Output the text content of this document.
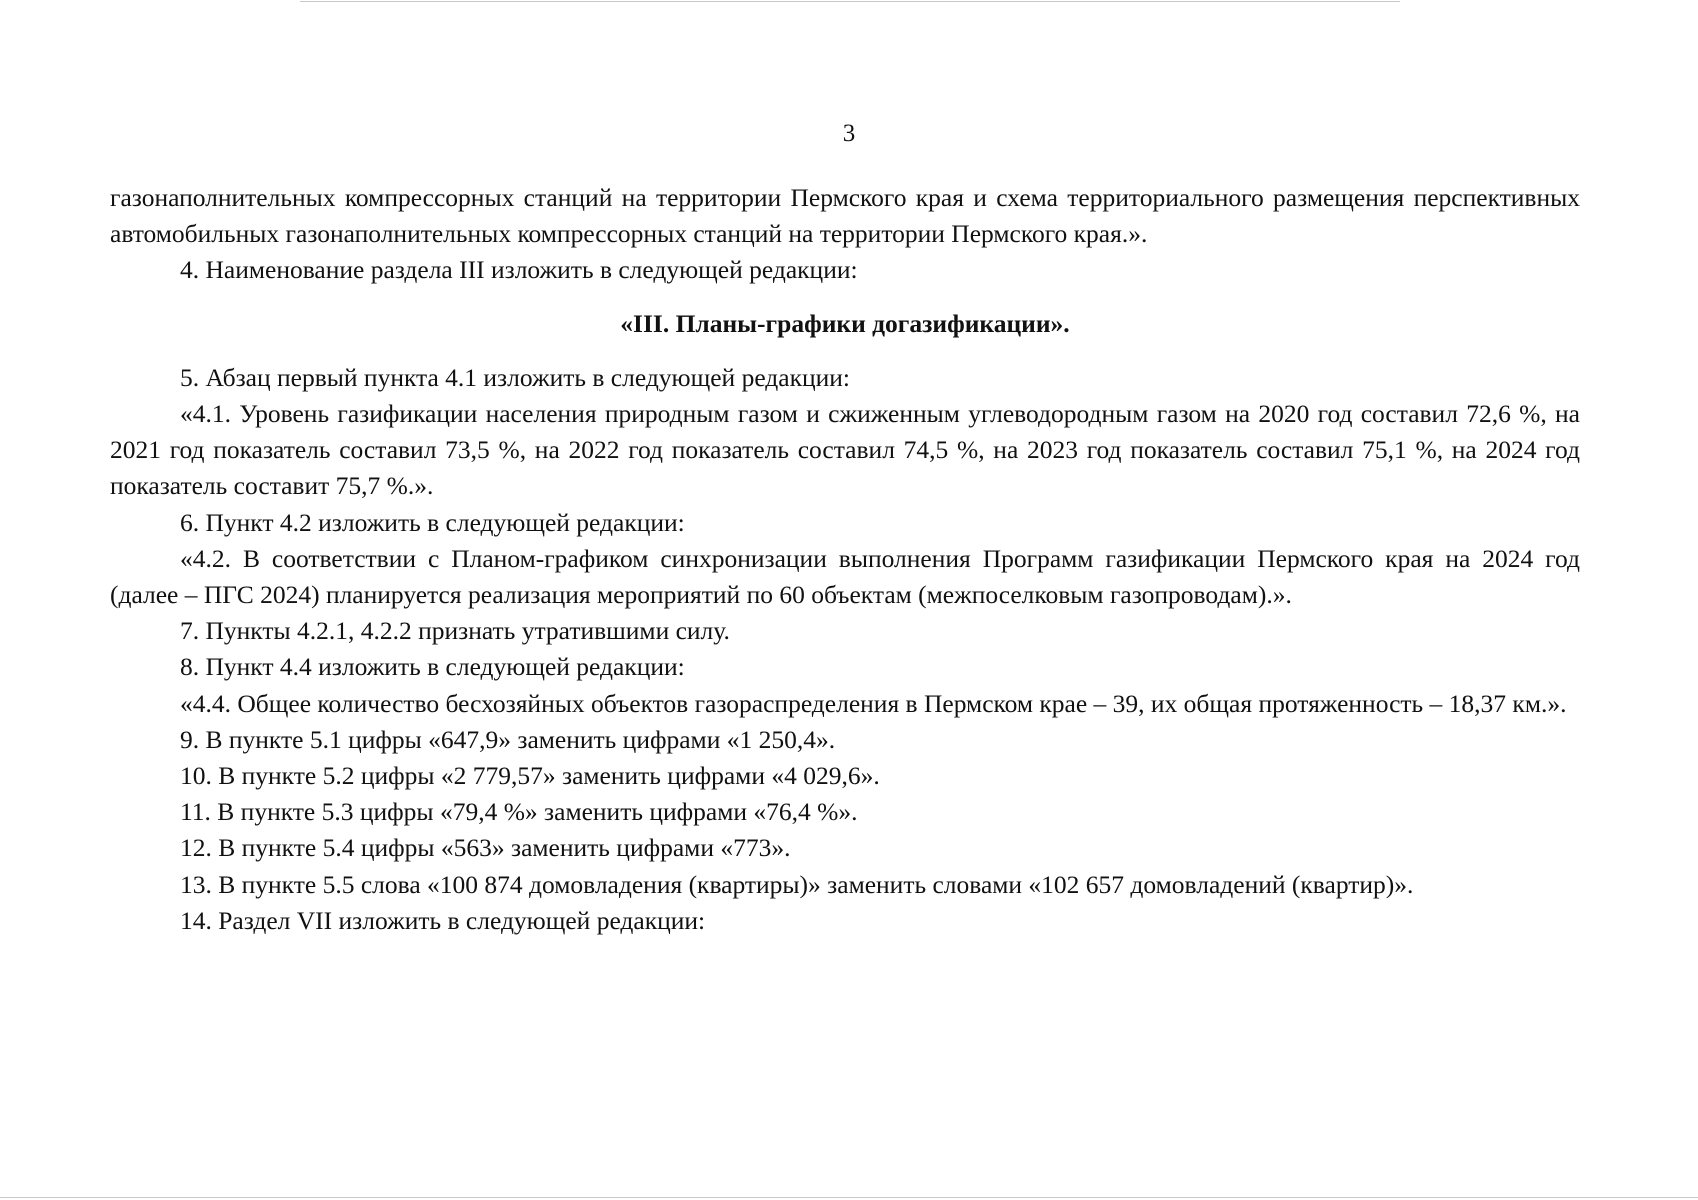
3

газонаполнительных компрессорных станций на территории Пермского края и схема территориального размещения перспективных автомобильных газонаполнительных компрессорных станций на территории Пермского края.».

4. Наименование раздела III изложить в следующей редакции:

«III. Планы-графики догазификации».

5. Абзац первый пункта 4.1 изложить в следующей редакции:

«4.1. Уровень газификации населения природным газом и сжиженным углеводородным газом на 2020 год составил 72,6 %, на 2021 год показатель составил 73,5 %, на 2022 год показатель составил 74,5 %, на 2023 год показатель составил 75,1 %, на 2024 год показатель составит 75,7 %.».

6. Пункт 4.2 изложить в следующей редакции:

«4.2. В соответствии с Планом-графиком синхронизации выполнения Программ газификации Пермского края на 2024 год (далее – ПГС 2024) планируется реализация мероприятий по 60 объектам (межпоселковым газопроводам).».

7. Пункты 4.2.1, 4.2.2 признать утратившими силу.

8. Пункт 4.4 изложить в следующей редакции:

«4.4. Общее количество бесхозяйных объектов газораспределения в Пермском крае – 39, их общая протяженность – 18,37 км.».

9. В пункте 5.1 цифры «647,9» заменить цифрами «1 250,4».

10. В пункте 5.2 цифры «2 779,57» заменить цифрами «4 029,6».

11. В пункте 5.3 цифры «79,4 %» заменить цифрами «76,4 %».

12. В пункте 5.4 цифры «563» заменить цифрами «773».

13. В пункте 5.5 слова «100 874 домовладения (квартиры)» заменить словами «102 657 домовладений (квартир)».

14. Раздел VII изложить в следующей редакции:
